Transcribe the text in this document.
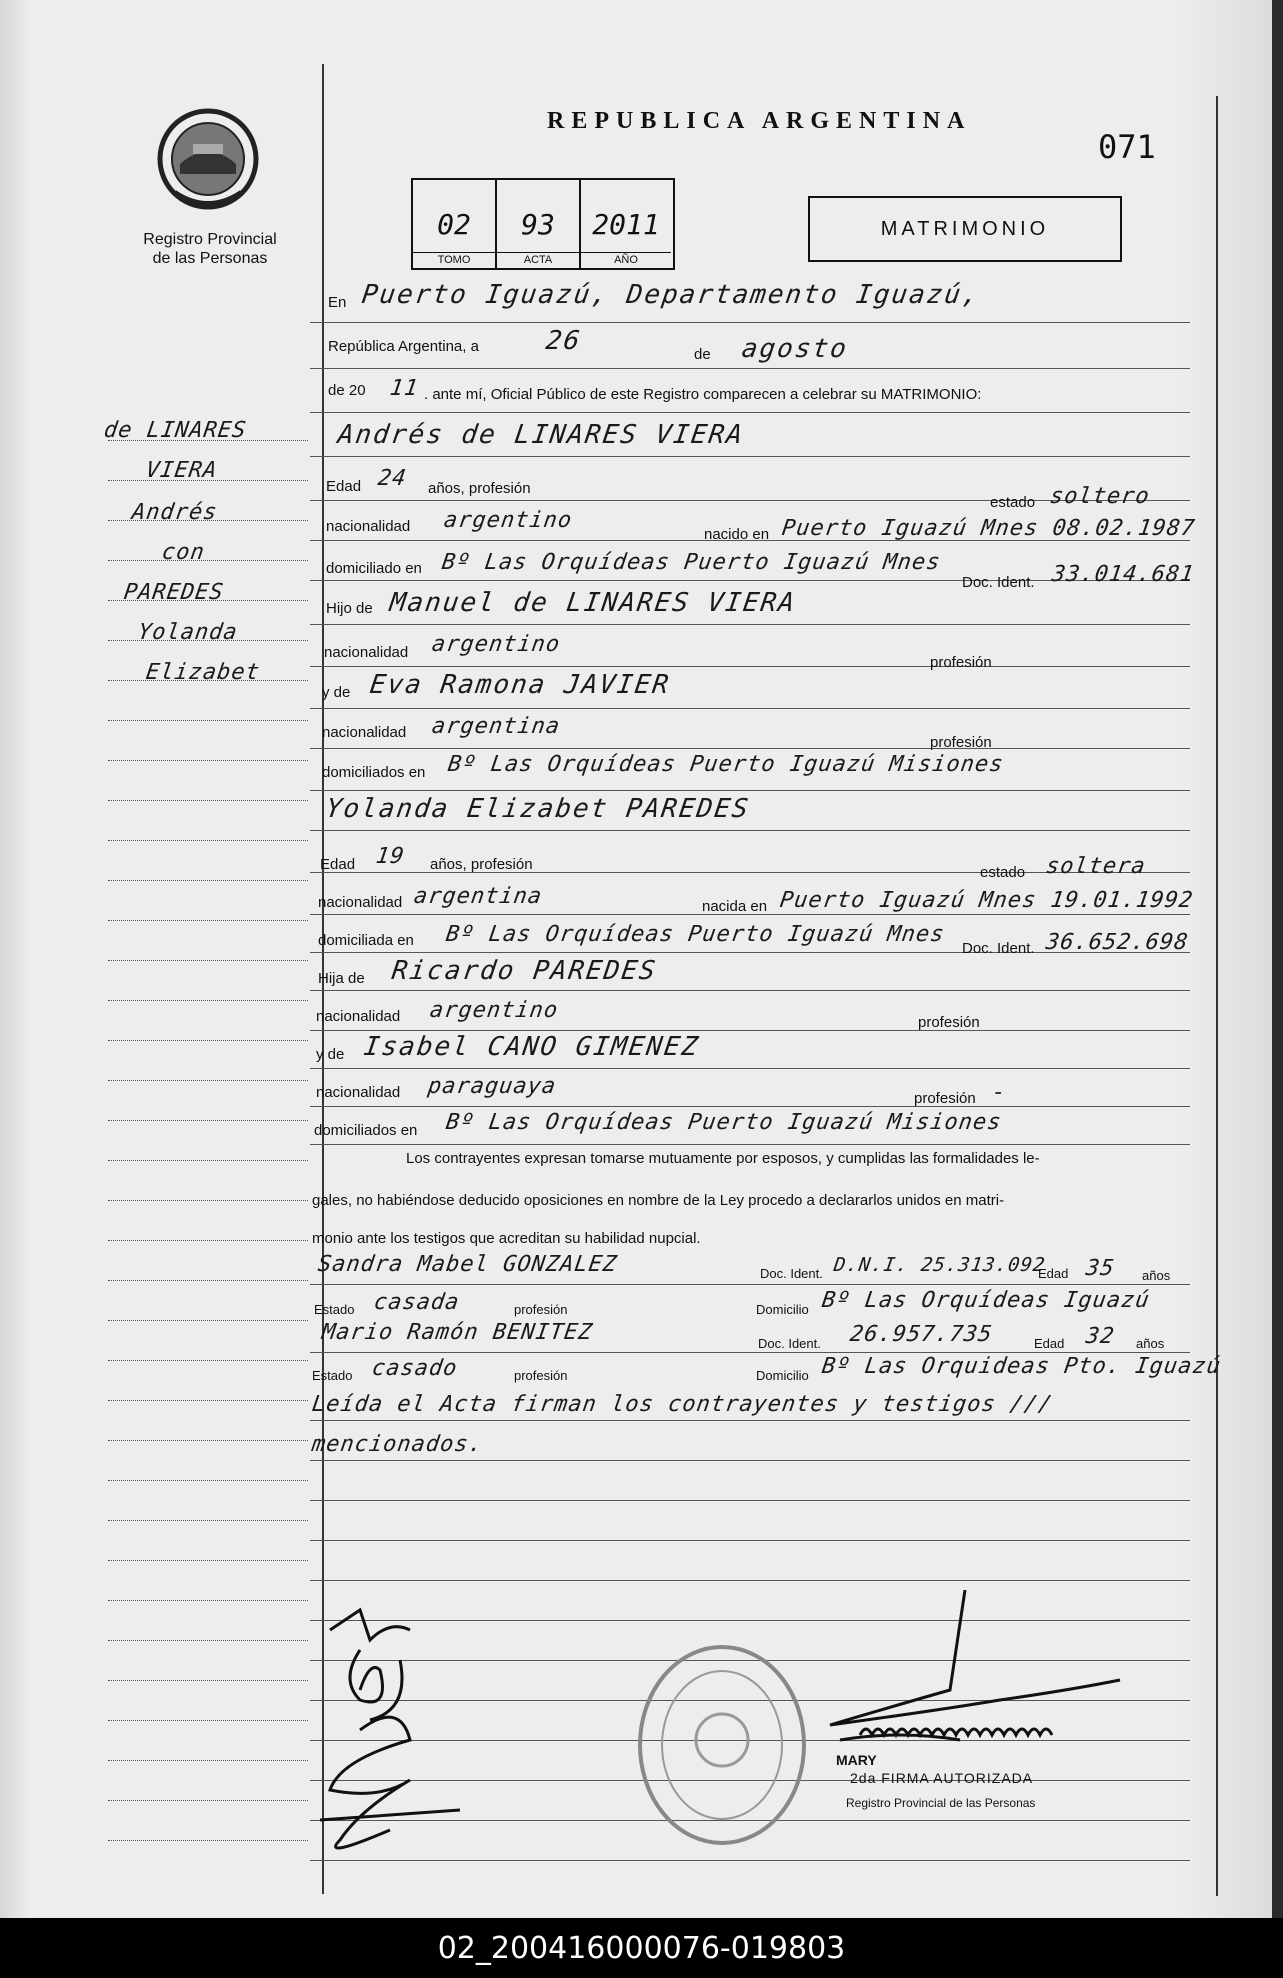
Registro Provincial
de las Personas
REPUBLICA ARGENTINA
071
02
TOMO
93
ACTA
2011
AÑO
MATRIMONIO
de LINARES
VIERA
Andrés
con
PAREDES
Yolanda
Elizabet
En Puerto Iguazú, Departamento Iguazú,
República Argentina, a 26	de agosto
de 20 11 . ante mí, Oficial Público de este Registro comparecen a celebrar su MATRIMONIO:
Andrés de LINARES VIERA
Edad 24 años, profesión
estado soltero
nacionalidad argentino
nacido en Puerto Iguazú Mnes 08.02.1987
domiciliado en Bº Las Orquídeas Puerto Iguazú Mnes
Doc. Ident. 33.014.681
Hijo de Manuel de LINARES VIERA
nacionalidad argentino
profesión
y de Eva Ramona JAVIER
nacionalidad argentina
profesión
domiciliados en Bº Las Orquídeas Puerto Iguazú Misiones
Yolanda Elizabet PAREDES
Edad 19 años, profesión	estado soltera
nacionalidad argentina	nacida en Puerto Iguazú Mnes 19.01.1992
domiciliada en Bº Las Orquídeas Puerto Iguazú Mnes
Doc. Ident. 36.652.698
Hija de Ricardo PAREDES
nacionalidad argentino	profesión
y de Isabel CANO GIMENEZ
nacionalidad paraguaya	profesión -
domiciliados en Bº Las Orquídeas Puerto Iguazú Misiones
Los contrayentes expresan tomarse mutuamente por esposos, y cumplidas las formalidades le-
gales, no habiéndose deducido oposiciones en nombre de la Ley procedo a declararlos unidos en matri-
monio ante los testigos que acreditan su habilidad nupcial.
Sandra Mabel GONZALEZ	Doc. Ident. D.N.I. 25.313.092
Edad 35 años
Estado casada	profesión	Domicilio Bº Las Orquídeas Iguazú
Mario Ramón BENITEZ	Doc. Ident. 26.957.735	Edad 32 años
Estado casado	profesión	Domicilio Bº Las Orquideas Pto. Iguazú
Leída el Acta firman los contrayentes y testigos ///
mencionados.
MARY
2da FIRMA AUTORIZADA
Registro Provincial de las Personas
02_200416000076-019803
